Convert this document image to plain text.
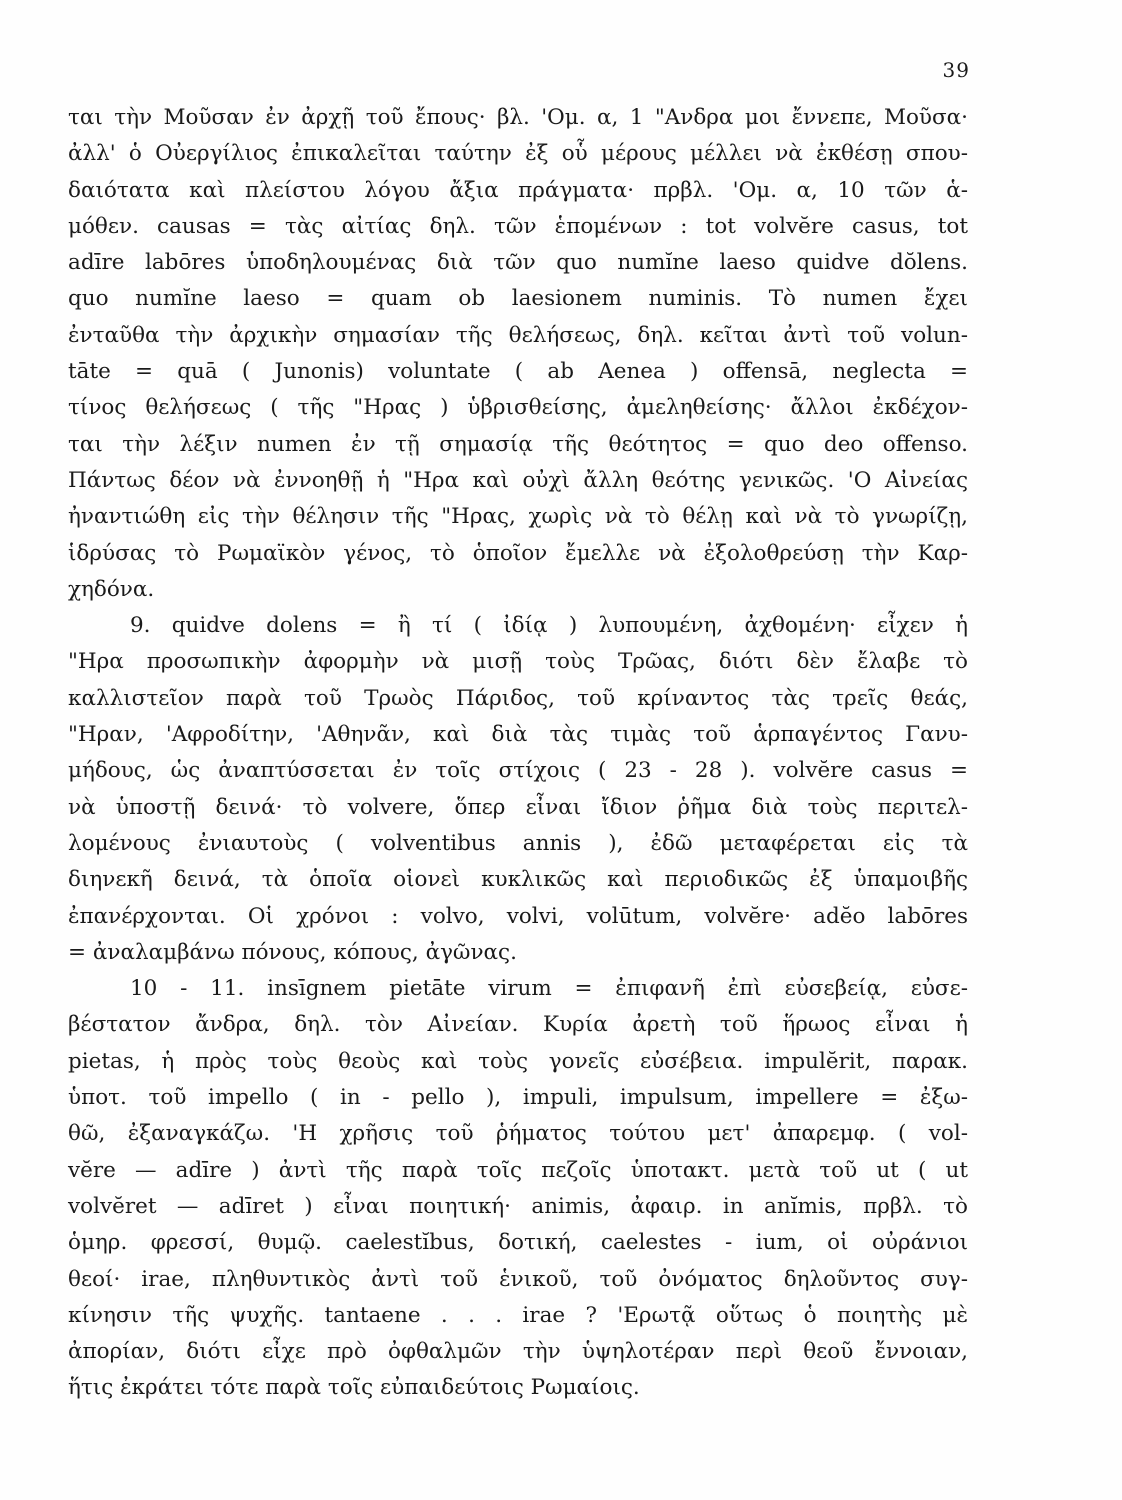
39
ται τὴν Μοῦσαν ἐν ἀρχῇ τοῦ ἔπους· βλ. 'Ομ. α, 1 "Ανδρα μοι ἔννεπε, Μοῦσα·
ἀλλ' ὁ Οὐεργίλιος ἐπικαλεῖται ταύτην ἐξ οὗ μέρους μέλλει νὰ ἐκθέσῃ σπου-
δαιότατα καὶ πλείστου λόγου ἄξια πράγματα· πρβλ. 'Ομ. α, 10 τῶν ἁ-
μόθεν. causas = τὰς αἰτίας δηλ. τῶν ἑπομένων : tot volvĕre casus, tot
adīre labōres ὑποδηλουμένας διὰ τῶν quo numĭne laeso quidve dŏlens.
quo numĭne laeso = quam ob laesionem numinis. Τὸ numen ἔχει
ἐνταῦθα τὴν ἀρχικὴν σημασίαν τῆς θελήσεως, δηλ. κεῖται ἀντὶ τοῦ volun-
tāte = quā ( Junonis) voluntate ( ab Aenea ) offensā, neglecta =
τίνος θελήσεως ( τῆς "Ηρας ) ὑβρισθείσης, ἀμεληθείσης· ἄλλοι ἐκδέχον-
ται τὴν λέξιν numen ἐν τῇ σημασίᾳ τῆς θεότητος = quo deo offenso.
Πάντως δέον νὰ ἐννοηθῇ ἡ "Ηρα καὶ οὐχὶ ἄλλη θεότης γενικῶς. 'Ο Αἰνείας
ἠναντιώθη εἰς τὴν θέλησιν τῆς "Ηρας, χωρὶς νὰ τὸ θέλῃ καὶ νὰ τὸ γνωρίζῃ,
ἱδρύσας τὸ Ρωμαϊκὸν γένος, τὸ ὁποῖον ἔμελλε νὰ ἐξολοθρεύσῃ τὴν Καρ-
χηδόνα.
9. quidve dolens = ἢ τί ( ἰδίᾳ ) λυπουμένη, ἀχθομένη· εἶχεν ἡ
"Ηρα προσωπικὴν ἀφορμὴν νὰ μισῇ τοὺς Τρῶας, διότι δὲν ἔλαβε τὸ
καλλιστεῖον παρὰ τοῦ Τρωὸς Πάριδος, τοῦ κρίναντος τὰς τρεῖς θεάς,
"Ηραν, 'Αφροδίτην, 'Αθηνᾶν, καὶ διὰ τὰς τιμὰς τοῦ ἁρπαγέντος Γανυ-
μήδους, ὡς ἀναπτύσσεται ἐν τοῖς στίχοις ( 23 - 28 ). volvĕre casus =
νὰ ὑποστῇ δεινά· τὸ volvere, ὅπερ εἶναι ἴδιον ῥῆμα διὰ τοὺς περιτελ-
λομένους ἐνιαυτοὺς ( volventibus annis ), ἐδῶ μεταφέρεται εἰς τὰ
διηνεκῆ δεινά, τὰ ὁποῖα οἱονεὶ κυκλικῶς καὶ περιοδικῶς ἐξ ὑπαμοιβῆς
ἐπανέρχονται. Οἱ χρόνοι : volvo, volvi, volūtum, volvĕre· adĕo labōres
= ἀναλαμβάνω πόνους, κόπους, ἀγῶνας.
10 - 11. insīgnem pietāte virum = ἐπιφανῆ ἐπὶ εὐσεβείᾳ, εὐσε-
βέστατον ἄνδρα, δηλ. τὸν Αἰνείαν. Κυρία ἀρετὴ τοῦ ἥρωος εἶναι ἡ
pietas, ἡ πρὸς τοὺς θεοὺς καὶ τοὺς γονεῖς εὐσέβεια. impulĕrit, παρακ.
ὑποτ. τοῦ impello ( in - pello ), impuli, impulsum, impellere = ἐξω-
θῶ, ἐξαναγκάζω. 'Η χρῆσις τοῦ ῥήματος τούτου μετ' ἀπαρεμφ. ( vol-
vĕre — adīre ) ἀντὶ τῆς παρὰ τοῖς πεζοῖς ὑποτακτ. μετὰ τοῦ ut ( ut
volvĕret — adīret ) εἶναι ποιητική· animis, ἀφαιρ. in anĭmis, πρβλ. τὸ
ὁμηρ. φρεσσί, θυμῷ. caelestĭbus, δοτική, caelestes - ium, οἱ οὐράνιοι
θεοί· irae, πληθυντικὸς ἀντὶ τοῦ ἑνικοῦ, τοῦ ὀνόματος δηλοῦντος συγ-
κίνησιν τῆς ψυχῆς. tantaene . . . irae ? 'Ερωτᾷ οὕτως ὁ ποιητὴς μὲ
ἀπορίαν, διότι εἶχε πρὸ ὀφθαλμῶν τὴν ὑψηλοτέραν περὶ θεοῦ ἔννοιαν,
ἥτις ἐκράτει τότε παρὰ τοῖς εὐπαιδεύτοις Ρωμαίοις.
